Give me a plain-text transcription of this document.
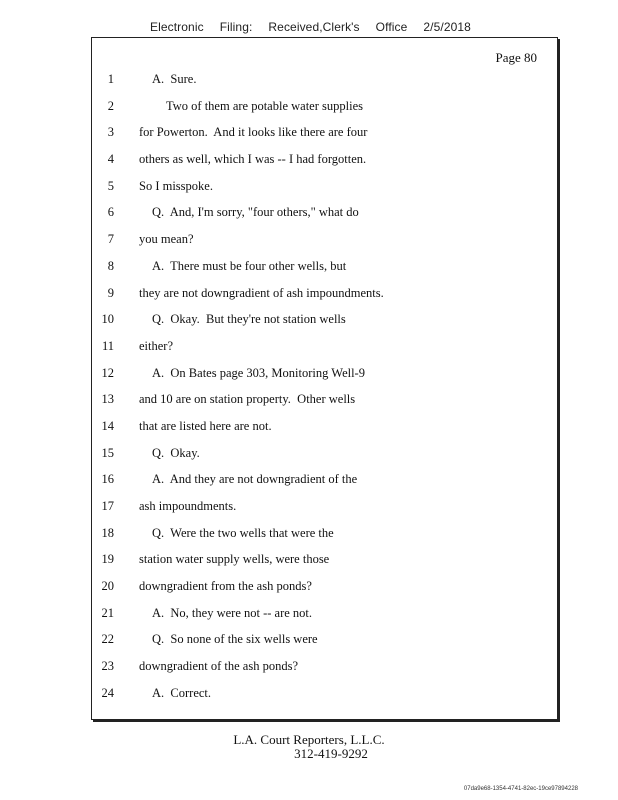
Electronic Filing: Received,Clerk's Office 2/5/2018
Page 80
1	A.  Sure.
2	Two of them are potable water supplies
3 for Powerton.  And it looks like there are four
4 others as well, which I was -- I had forgotten.
5 So I misspoke.
6	Q.  And, I'm sorry, "four others," what do
7 you mean?
8	A.  There must be four other wells, but
9 they are not downgradient of ash impoundments.
10	Q.  Okay.  But they're not station wells
11 either?
12	A.  On Bates page 303, Monitoring Well-9
13 and 10 are on station property.  Other wells
14 that are listed here are not.
15	Q.  Okay.
16	A.  And they are not downgradient of the
17 ash impoundments.
18	Q.  Were the two wells that were the
19 station water supply wells, were those
20 downgradient from the ash ponds?
21	A.  No, they were not -- are not.
22	Q.  So none of the six wells were
23 downgradient of the ash ponds?
24	A.  Correct.
L.A. Court Reporters, L.L.C.
312-419-9292
07da9e68-1354-4741-82ec-19ce97894228
